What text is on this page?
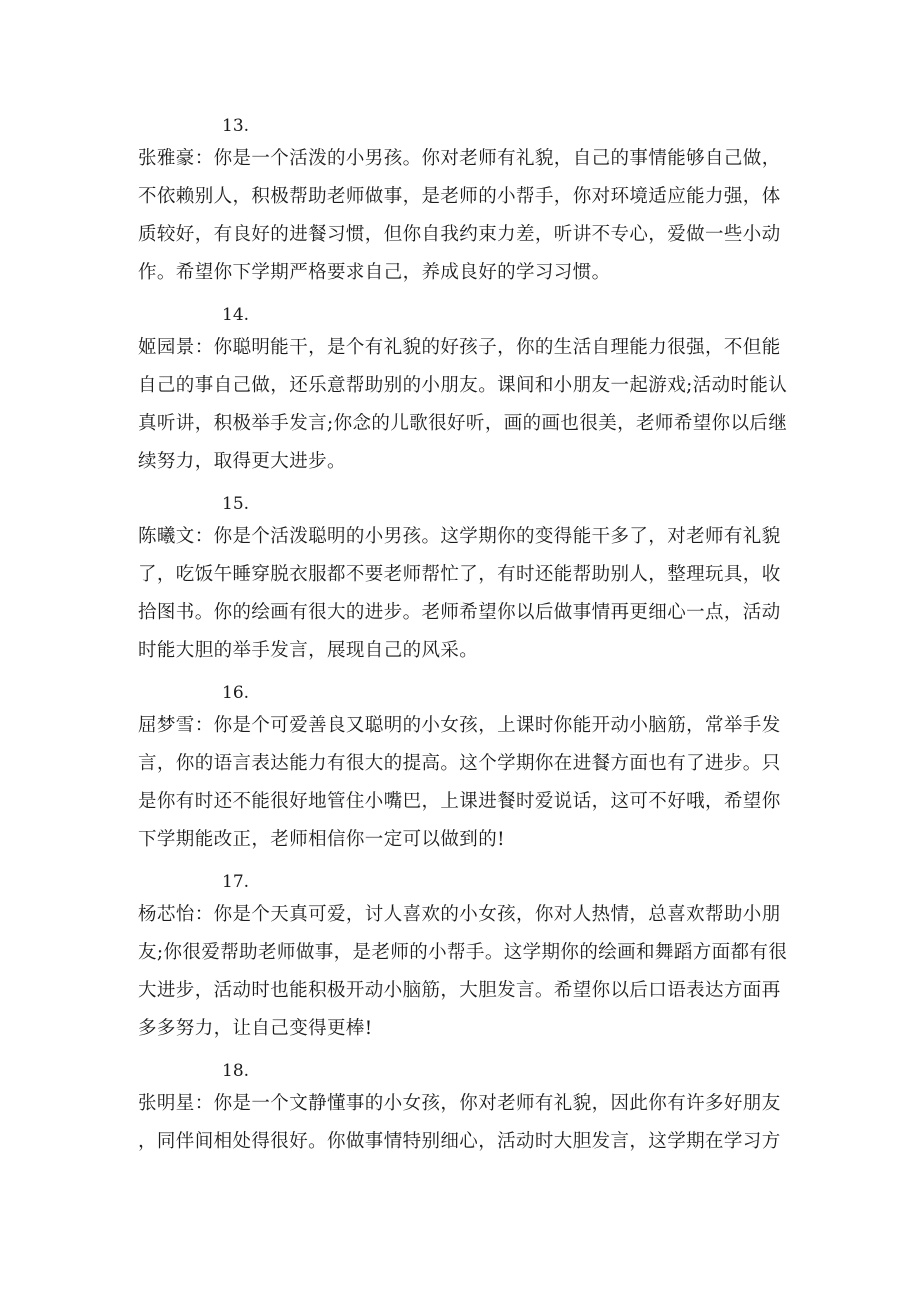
13.
张雅豪：你是一个活泼的小男孩。你对老师有礼貌，自己的事情能够自己做，
不依赖别人，积极帮助老师做事，是老师的小帮手，你对环境适应能力强，体
质较好，有良好的进餐习惯，但你自我约束力差，听讲不专心，爱做一些小动
作。希望你下学期严格要求自己，养成良好的学习习惯。
14.
姬园景：你聪明能干，是个有礼貌的好孩子，你的生活自理能力很强，不但能
自己的事自己做，还乐意帮助别的小朋友。课间和小朋友一起游戏;活动时能认
真听讲，积极举手发言;你念的儿歌很好听，画的画也很美，老师希望你以后继
续努力，取得更大进步。
15.
陈曦文：你是个活泼聪明的小男孩。这学期你的变得能干多了，对老师有礼貌
了，吃饭午睡穿脱衣服都不要老师帮忙了，有时还能帮助别人，整理玩具，收
拾图书。你的绘画有很大的进步。老师希望你以后做事情再更细心一点，活动
时能大胆的举手发言，展现自己的风采。
16.
屈梦雪：你是个可爱善良又聪明的小女孩，上课时你能开动小脑筋，常举手发
言，你的语言表达能力有很大的提高。这个学期你在进餐方面也有了进步。只
是你有时还不能很好地管住小嘴巴，上课进餐时爱说话，这可不好哦，希望你
下学期能改正，老师相信你一定可以做到的!
17.
杨芯怡：你是个天真可爱，讨人喜欢的小女孩，你对人热情，总喜欢帮助小朋
友;你很爱帮助老师做事，是老师的小帮手。这学期你的绘画和舞蹈方面都有很
大进步，活动时也能积极开动小脑筋，大胆发言。希望你以后口语表达方面再
多多努力，让自己变得更棒!
18.
张明星：你是一个文静懂事的小女孩，你对老师有礼貌，因此你有许多好朋友
，同伴间相处得很好。你做事情特别细心，活动时大胆发言，这学期在学习方
